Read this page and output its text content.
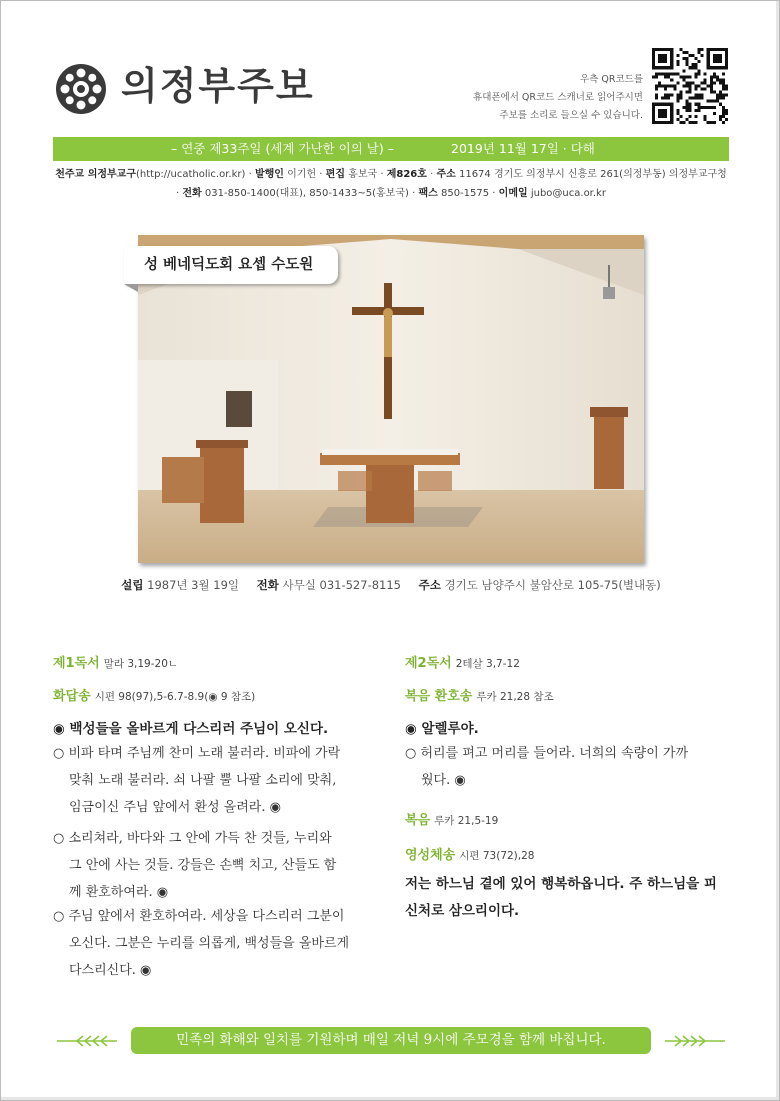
의정부주보	우측 QR코드를
휴대폰에서 QR코드 스캐너로 읽어주시면
주보를 소리로 들으실 수 있습니다.
– 연중 제33주일 (세계 가난한 이의 날) –	2019년 11월 17일 · 다해
천주교 의정부교구(http://ucatholic.or.kr) · 발행인 이기헌 · 편집 홍보국 · 제826호 · 주소 11674 경기도 의정부시 신흥로 261(의정부동) 의정부교구청
· 전화 031-850-1400(대표), 850-1433~5(홍보국) · 팩스 850-1575 · 이메일 jubo@uca.or.kr
성 베네딕도회 요셉 수도원
설립 1987년 3월 19일 전화 사무실 031-527-8115 주소 경기도 남양주시 불암산로 105-75(별내동)
제1독서 말라 3,19-20ㄴ
화답송 시편 98(97),5-6.7-8.9(◉ 9 참조)
◉ 백성들을 올바르게 다스리러 주님이 오신다.
○ 비파 타며 주님께 찬미 노래 불러라. 비파에 가락
맞춰 노래 불러라. 쇠 나팔 뿔 나팔 소리에 맞춰,
임금이신 주님 앞에서 환성 올려라. ◉
○ 소리쳐라, 바다와 그 안에 가득 찬 것들, 누리와
그 안에 사는 것들. 강들은 손뼉 치고, 산들도 함
께 환호하여라. ◉
○ 주님 앞에서 환호하여라. 세상을 다스리러 그분이
오신다. 그분은 누리를 의롭게, 백성들을 올바르게
다스리신다. ◉
제2독서 2테살 3,7-12
복음 환호송 루카 21,28 참조
◉ 알렐루야.
○ 허리를 펴고 머리를 들어라. 너희의 속량이 가까
웠다. ◉
복음 루카 21,5-19
영성체송 시편 73(72),28
저는 하느님 곁에 있어 행복하옵니다. 주 하느님을 피
신처로 삼으리이다.
민족의 화해와 일치를 기원하며 매일 저녁 9시에 주모경을 함께 바칩니다.
